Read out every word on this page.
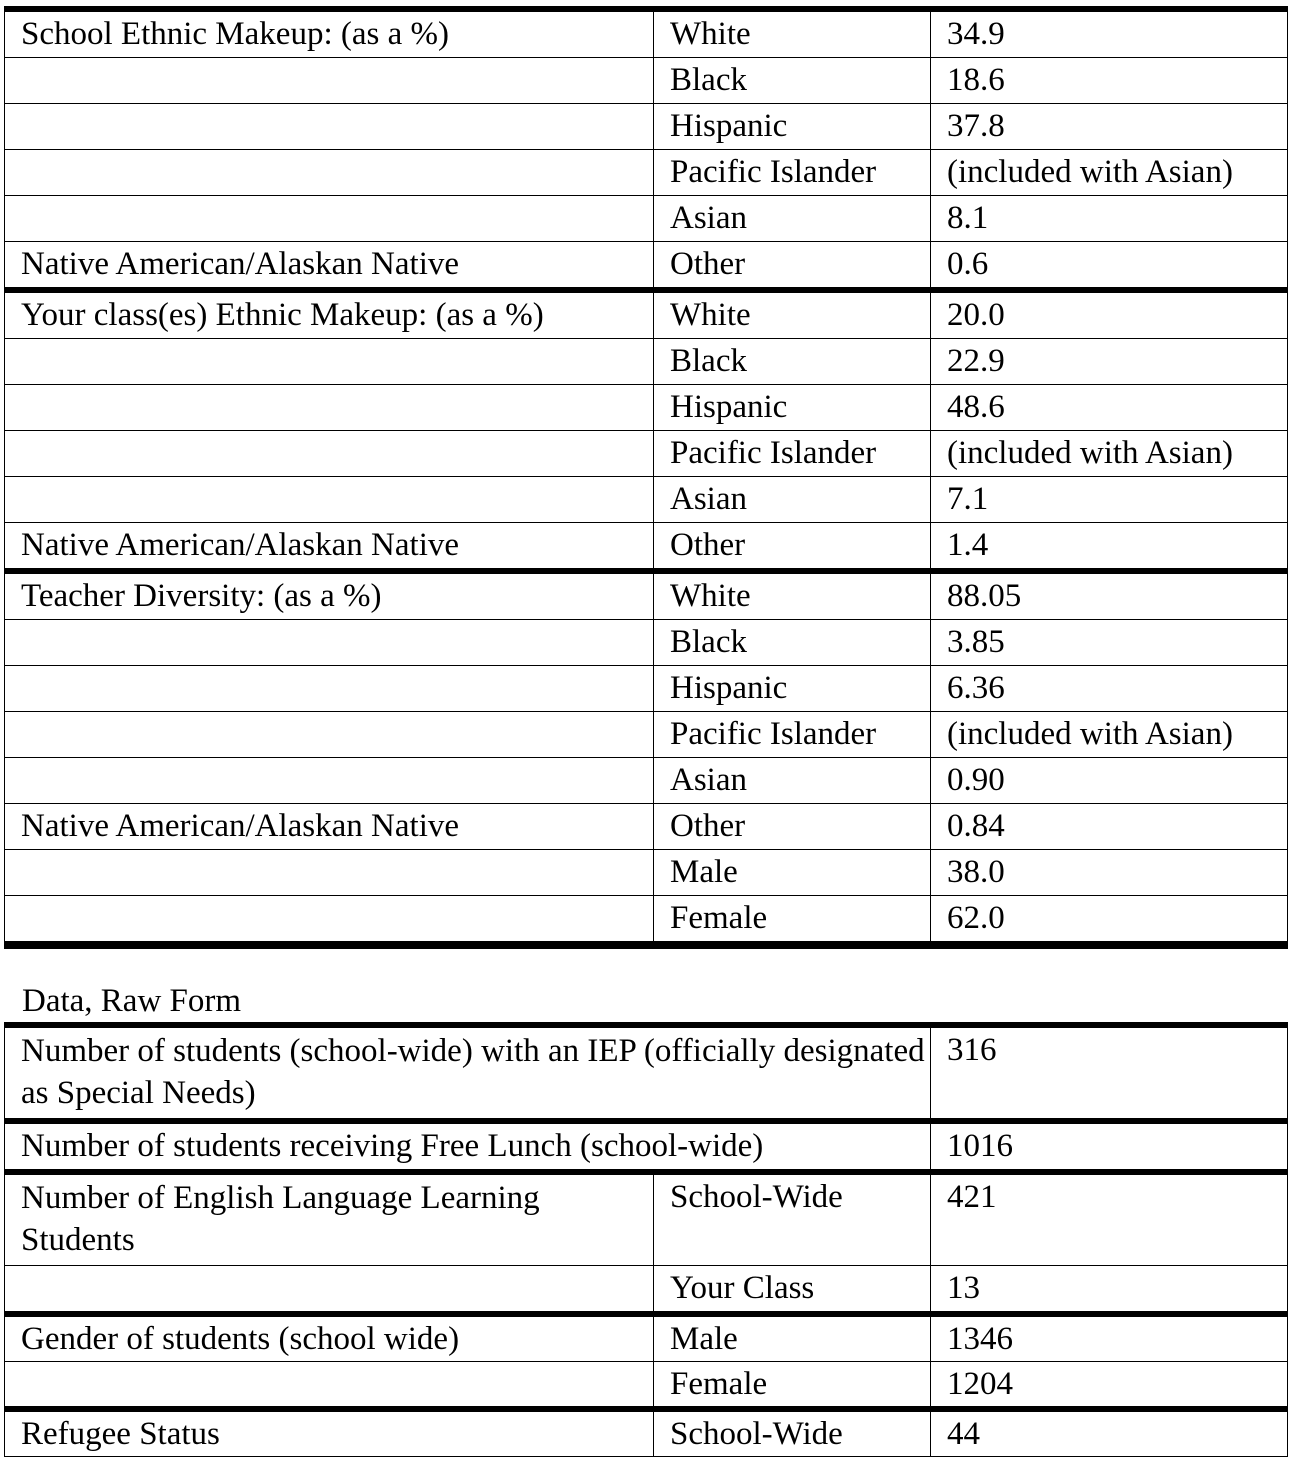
School Ethnic Makeup: (as a %)	White	34.9
	Black	18.6
	Hispanic	37.8
	Pacific Islander	(included with Asian)
	Asian	8.1
Native American/Alaskan Native	Other	0.6
Your class(es) Ethnic Makeup: (as a %)	White	20.0
	Black	22.9
	Hispanic	48.6
	Pacific Islander	(included with Asian)
	Asian	7.1
Native American/Alaskan Native	Other	1.4
Teacher Diversity: (as a %)	White	88.05
	Black	3.85
	Hispanic	6.36
	Pacific Islander	(included with Asian)
	Asian	0.90
Native American/Alaskan Native	Other	0.84
	Male	38.0
	Female	62.0
Data, Raw Form
Number of students (school-wide) with an IEP (officially designated as Special Needs)		316
Number of students receiving Free Lunch (school-wide)		1016
Number of English Language Learning Students	School-Wide	421
	Your Class	13
Gender of students (school wide)	Male	1346
	Female	1204
Refugee Status	School-Wide	44
